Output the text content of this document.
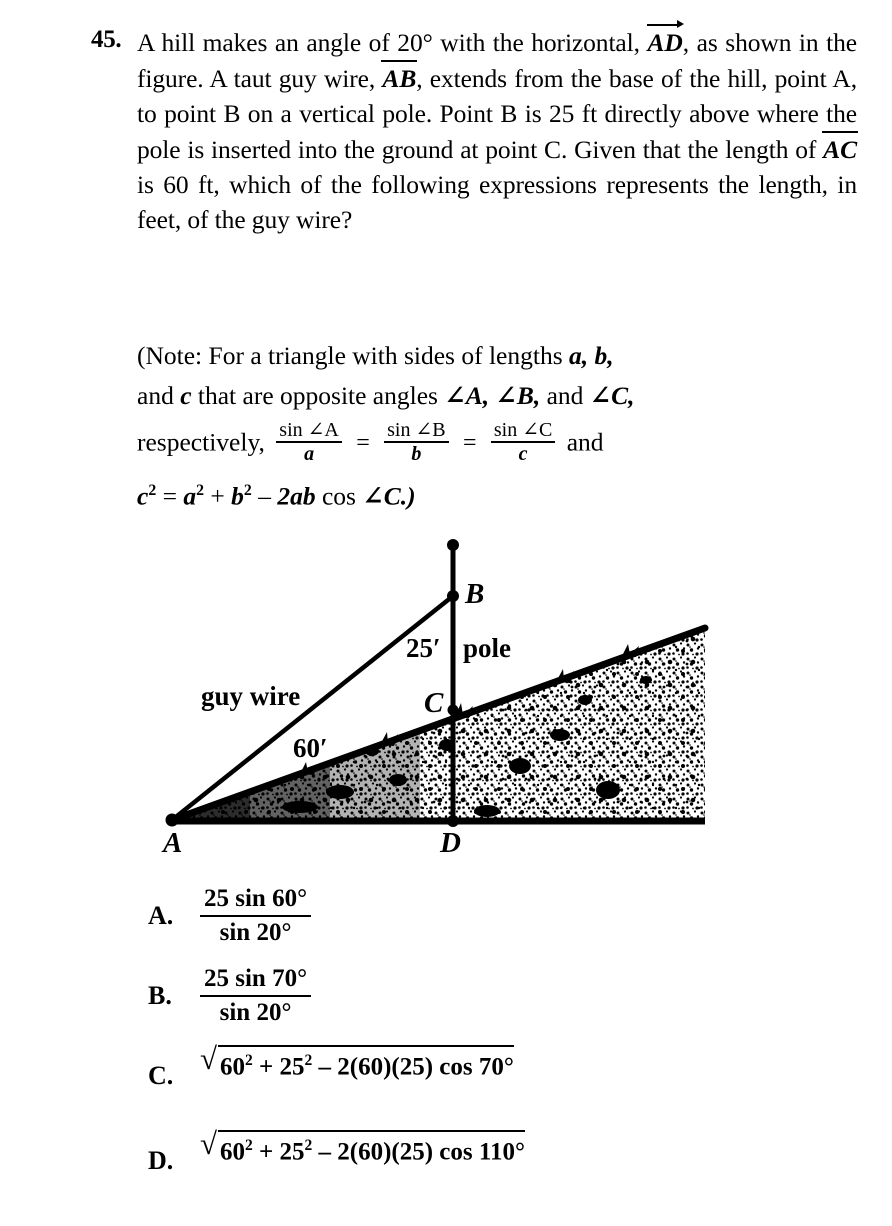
45. A hill makes an angle of 20° with the horizontal, AD, as shown in the figure. A taut guy wire, AB, extends from the base of the hill, point A, to point B on a vertical pole. Point B is 25 ft directly above where the pole is inserted into the ground at point C. Given that the length of AC is 60 ft, which of the following expressions represents the length, in feet, of the guy wire?
(Note: For a triangle with sides of lengths a, b,
and c that are opposite angles ∠A, ∠B, and ∠C,
respectively, $\frac{\sin \angle A}{a} = \frac{\sin \angle B}{b} = \frac{\sin \angle C}{c}$ and
$c^2 = a^2 + b^2 - 2ab$ cos ∠C.)
A
B
C
D
guy wire
pole
25′
60′
A. $\frac{25 \sin 60^\circ}{\sin 20^\circ}$
B. $\frac{25 \sin 70^\circ}{\sin 20^\circ}$
C. √ $60^2 + 25^2 - 2(60)(25)$ cos 70°
D. √ $60^2 + 25^2 - 2(60)(25)$ cos 110°
